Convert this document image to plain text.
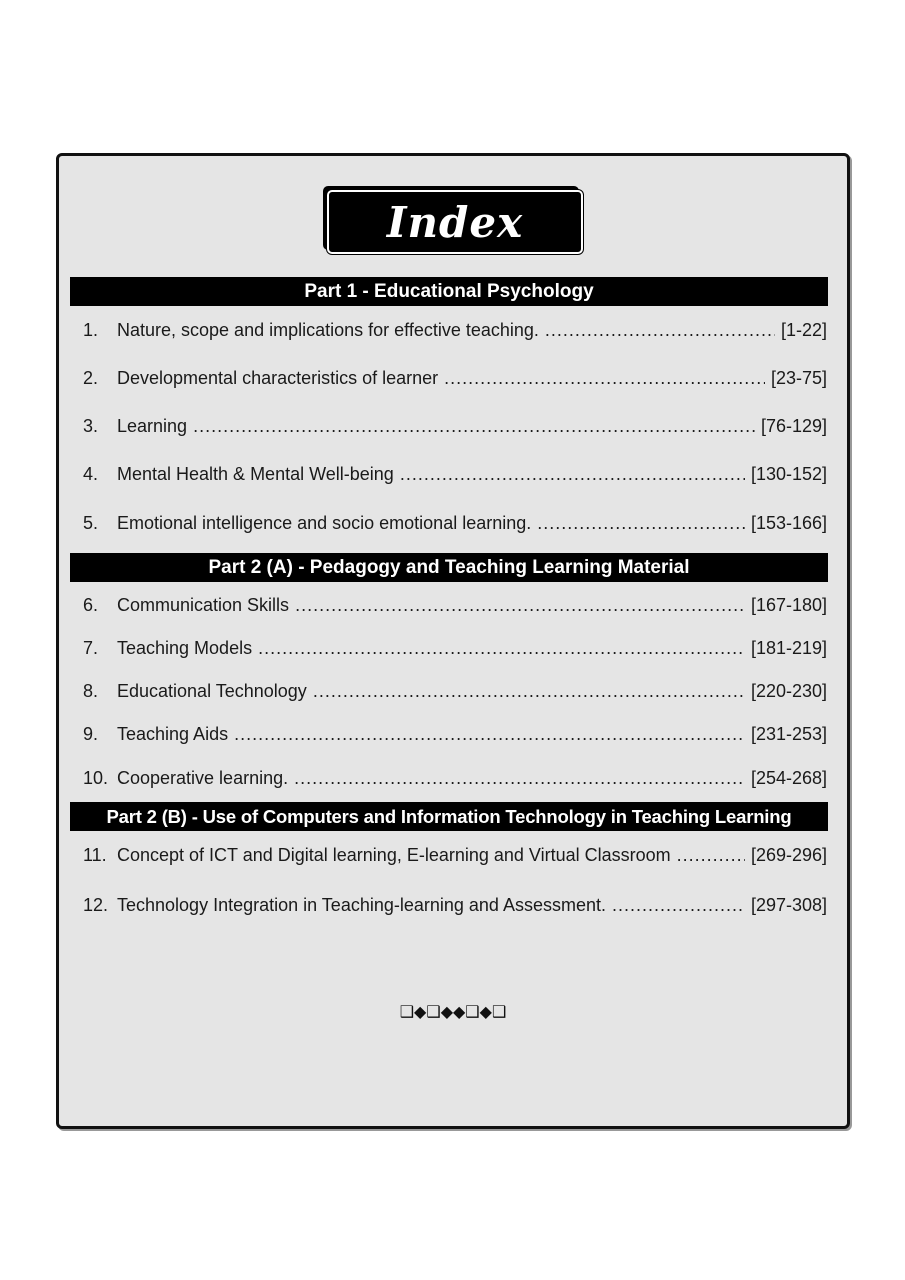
Index
Part 1 - Educational Psychology
1.	Nature, scope and implications for effective teaching. .....	[1-22]
2.	Developmental characteristics of learner .....	[23-75]
3.	Learning .....	[76-129]
4.	Mental Health & Mental Well-being .....	[130-152]
5.	Emotional intelligence and socio emotional learning. .....	[153-166]
Part 2 (A) - Pedagogy and Teaching Learning Material
6.	Communication Skills .....	[167-180]
7.	Teaching Models .....	[181-219]
8.	Educational Technology .....	[220-230]
9.	Teaching Aids .....	[231-253]
10. Cooperative learning. .....	[254-268]
Part 2 (B) - Use of Computers and Information Technology in Teaching Learning
11. Concept of ICT and Digital learning, E-learning and Virtual Classroom .....	[269-296]
12. Technology Integration in Teaching-learning and Assessment. .....	[297-308]
❑◆❑◆◆❑◆❑
